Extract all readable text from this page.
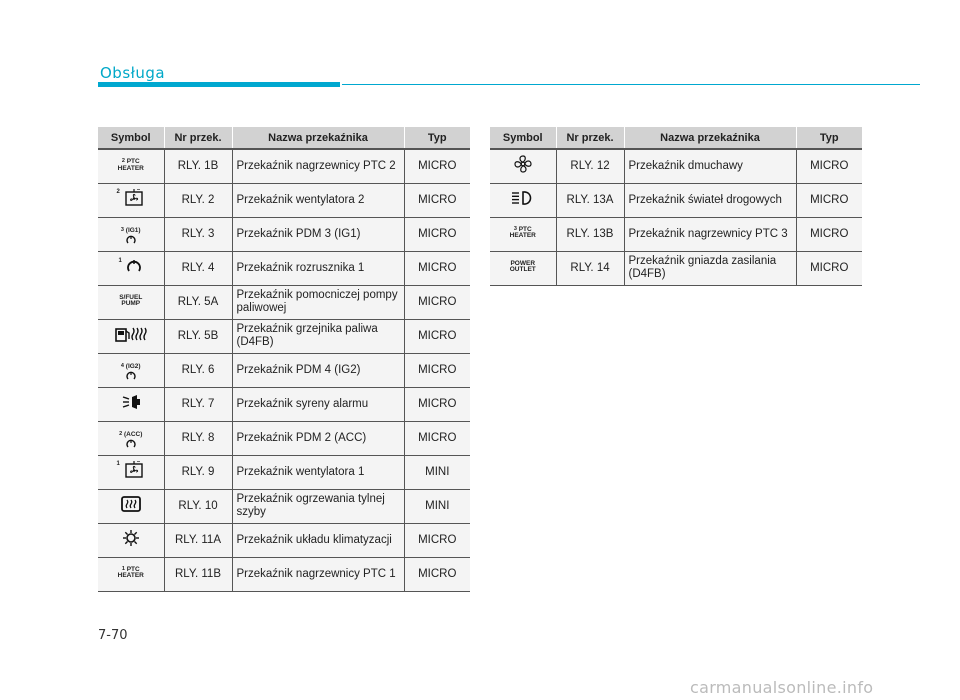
Obsługa
Symbol	Nr przek.	Nazwa przekaźnika	Typ
$^2$ PTC
HEATER	RLY. 1B	Przekaźnik nagrzewnicy PTC 2	MICRO
2	RLY. 2	Przekaźnik wentylatora 2	MICRO

$^3$ (IG1)	RLY. 3	Przekaźnik PDM 3 (IG1)	MICRO
1	RLY. 4	Przekaźnik rozrusznika 1	MICRO
S/FUEL
PUMP	RLY. 5A	Przekaźnik pomocniczej pompy paliwowej	MICRO
	RLY. 5B	Przekaźnik grzejnika paliwa (D4FB)	MICRO

$^4$ (IG2)	RLY. 6	Przekaźnik PDM 4 (IG2)	MICRO
	RLY. 7	Przekaźnik syreny alarmu	MICRO

$^2$ (ACC)	RLY. 8	Przekaźnik PDM 2 (ACC)	MICRO
1	RLY. 9	Przekaźnik wentylatora 1	MINI
	RLY. 10	Przekaźnik ogrzewania tylnej szyby	MINI
	RLY. 11A	Przekaźnik układu klimatyzacji	MICRO
$^1$ PTC
HEATER	RLY. 11B	Przekaźnik nagrzewnicy PTC 1	MICRO
Symbol	Nr przek.	Nazwa przekaźnika	Typ
	RLY. 12	Przekaźnik dmuchawy	MICRO
	RLY. 13A	Przekaźnik świateł drogowych	MICRO
$^3$ PTC
HEATER	RLY. 13B	Przekaźnik nagrzewnicy PTC 3	MICRO
POWER
OUTLET	RLY. 14	Przekaźnik gniazda zasilania (D4FB)	MICRO
7-70
carmanualsonline.info
